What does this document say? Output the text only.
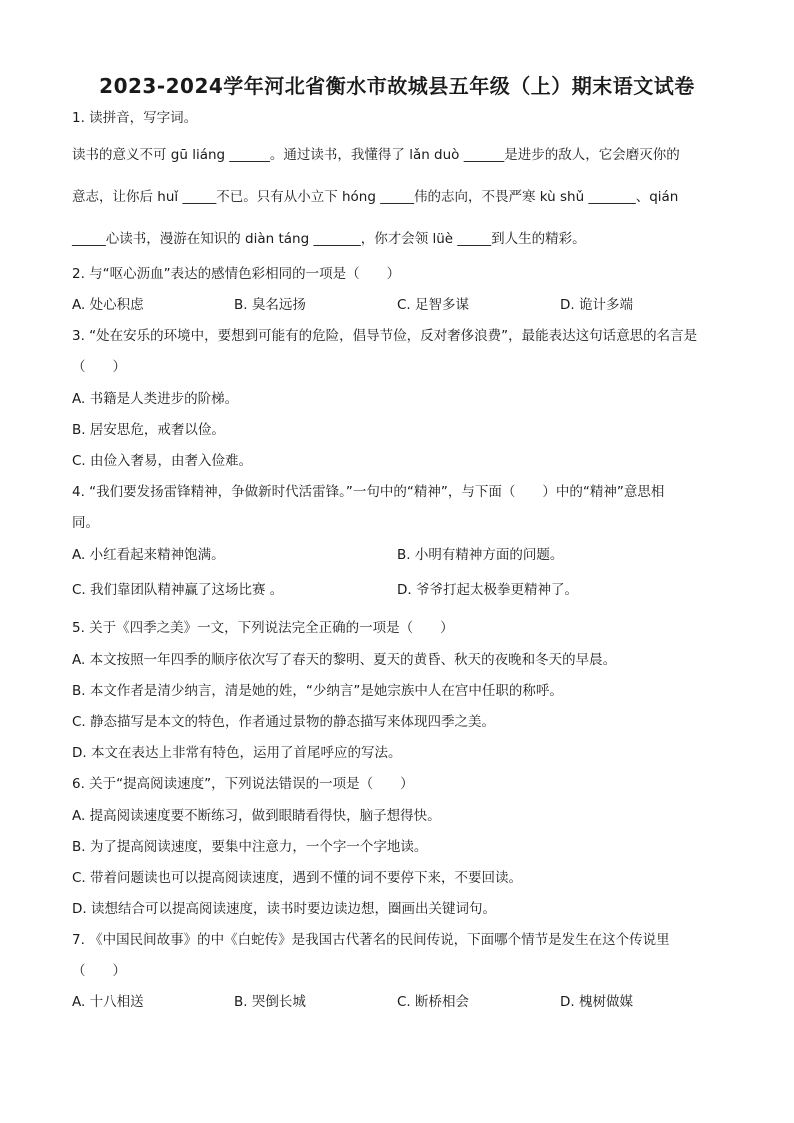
2023-2024学年河北省衡水市故城县五年级（上）期末语文试卷
1. 读拼音，写字词。
读书的意义不可 gū liáng ______。通过读书，我懂得了 lǎn duò ______是进步的敌人，它会磨灭你的
意志，让你后 huǐ _____不已。只有从小立下 hóng _____伟的志向，不畏严寒 kù shǔ _______、qián
_____心读书，漫游在知识的 diàn táng _______，你才会领 lüè _____到人生的精彩。
2. 与“呕心沥血”表达的感情色彩相同的一项是（　　）
A. 处心积虑	B. 臭名远扬	C. 足智多谋	D. 诡计多端
3. “处在安乐的环境中，要想到可能有的危险，倡导节俭，反对奢侈浪费”，最能表达这句话意思的名言是
（　　）
A. 书籍是人类进步的阶梯。
B. 居安思危，戒奢以俭。
C. 由俭入奢易，由奢入俭难。
4. “我们要发扬雷锋精神，争做新时代活雷锋。”一句中的“精神”，与下面（　　）中的“精神”意思相
同。
A. 小红看起来精神饱满。	B. 小明有精神方面的问题。
C. 我们靠团队精神赢了这场比赛 。	D. 爷爷打起太极拳更精神了。
5. 关于《四季之美》一文，下列说法完全正确的一项是（　　）
A. 本文按照一年四季的顺序依次写了春天的黎明、夏天的黄昏、秋天的夜晚和冬天的早晨。
B. 本文作者是清少纳言，清是她的姓，“少纳言”是她宗族中人在宫中任职的称呼。
C. 静态描写是本文的特色，作者通过景物的静态描写来体现四季之美。
D. 本文在表达上非常有特色，运用了首尾呼应的写法。
6. 关于“提高阅读速度”，下列说法错误的一项是（　　）
A. 提高阅读速度要不断练习，做到眼睛看得快，脑子想得快。
B. 为了提高阅读速度，要集中注意力，一个字一个字地读。
C. 带着问题读也可以提高阅读速度，遇到不懂的词不要停下来，不要回读。
D. 读想结合可以提高阅读速度，读书时要边读边想，圈画出关键词句。
7. 《中国民间故事》的中《白蛇传》是我国古代著名的民间传说，下面哪个情节是发生在这个传说里
（　　）
A. 十八相送	B. 哭倒长城	C. 断桥相会	D. 槐树做媒
